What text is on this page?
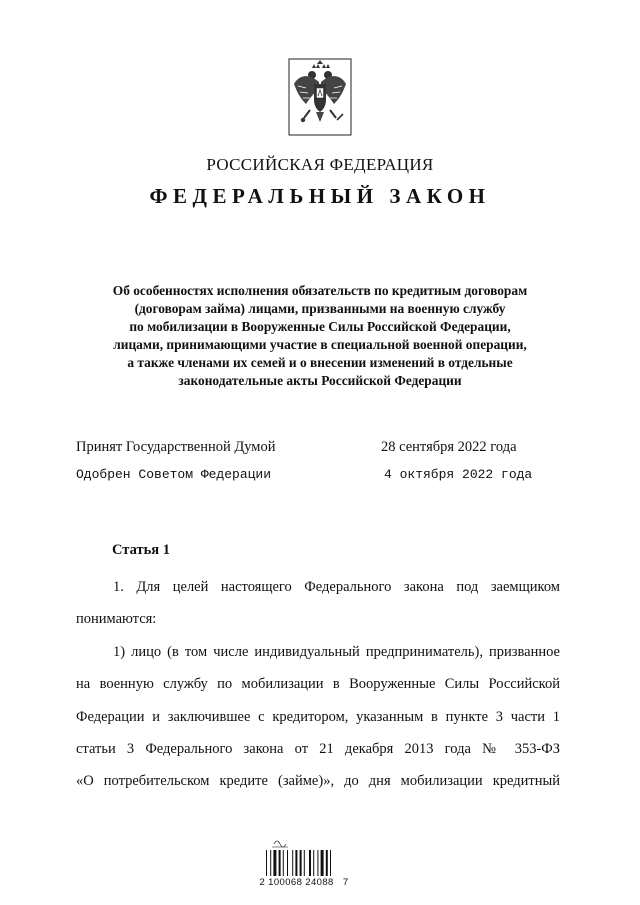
РОССИЙСКАЯ ФЕДЕРАЦИЯ
ФЕДЕРАЛЬНЫЙ ЗАКОН
Об особенностях исполнения обязательств по кредитным договорам
(договорам займа) лицами, призванными на военную службу
по мобилизации в Вооруженные Силы Российской Федерации,
лицами, принимающими участие в специальной военной операции,
а также членами их семей и о внесении изменений в отдельные
законодательные акты Российской Федерации
Принят Государственной Думой	28 сентября 2022 года
Одобрен Советом Федерации	4 октября 2022 года
Статья 1

1. Для целей настоящего Федерального закона под заемщиком

понимаются:

1) лицо (в том числе индивидуальный предприниматель), призванное

на военную службу по мобилизации в Вооруженные Силы Российской

Федерации и заключившее с кредитором, указанным в пункте 3 части 1

статьи 3 Федерального закона от 21 декабря 2013 года № 353-ФЗ

«О потребительском кредите (займе)», до дня мобилизации кредитный

2 100068 24088   7
